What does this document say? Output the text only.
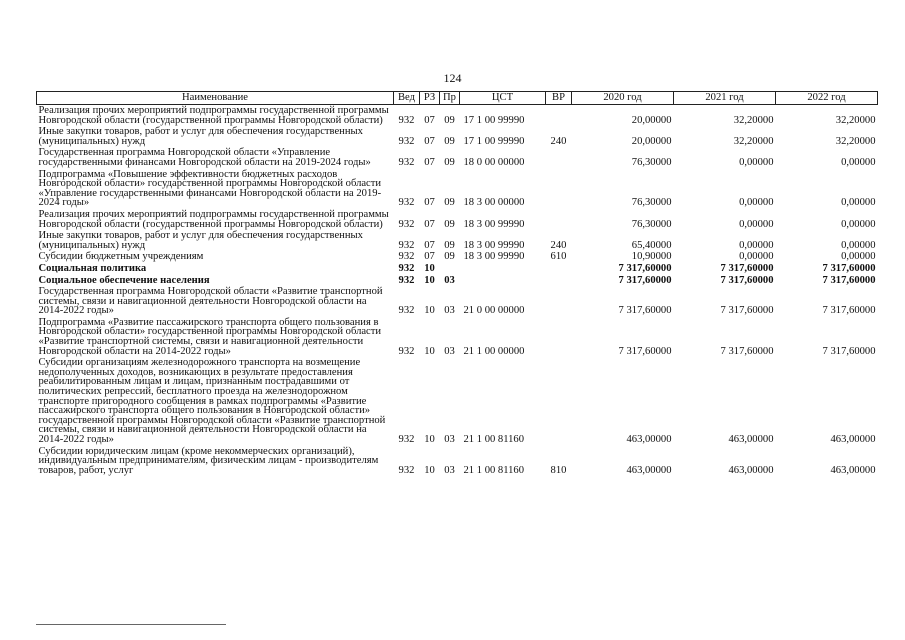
124
Наименование	Вед	РЗ	Пр	ЦСТ	ВР	2020 год	2021 год	2022 год
Реализация прочих мероприятий подпрограммы государственной программы Новгородской области (государственной программы Новгородской области)	932	07	09	17 1 00 99990		20,00000	32,20000	32,20000
Иные закупки товаров, работ и услуг для обеспечения государственных (муниципальных) нужд	932	07	09	17 1 00 99990	240	20,00000	32,20000	32,20000
Государственная программа Новгородской области «Управление государственными финансами Новгородской области на 2019-2024 годы»	932	07	09	18 0 00 00000		76,30000	0,00000	0,00000
Подпрограмма «Повышение эффективности бюджетных расходов Новгородской области» государственной программы Новгородской области «Управление государственными финансами Новгородской области на 2019-2024 годы»	932	07	09	18 3 00 00000		76,30000	0,00000	0,00000
Реализация прочих мероприятий подпрограммы государственной программы Новгородской области (государственной программы Новгородской области)	932	07	09	18 3 00 99990		76,30000	0,00000	0,00000
Иные закупки товаров, работ и услуг для обеспечения государственных (муниципальных) нужд	932	07	09	18 3 00 99990	240	65,40000	0,00000	0,00000
Субсидии бюджетным учреждениям	932	07	09	18 3 00 99990	610	10,90000	0,00000	0,00000
Социальная политика	932	10				7 317,60000	7 317,60000	7 317,60000
Социальное обеспечение населения	932	10	03			7 317,60000	7 317,60000	7 317,60000
Государственная программа Новгородской области «Развитие транспортной системы, связи и навигационной деятельности Новгородской области на 2014-2022 годы»	932	10	03	21 0 00 00000		7 317,60000	7 317,60000	7 317,60000
Подпрограмма «Развитие пассажирского транспорта общего пользования в Новгородской области» государственной программы Новгородской области «Развитие транспортной системы, связи и навигационной деятельности Новгородской области на 2014-2022 годы»	932	10	03	21 1 00 00000		7 317,60000	7 317,60000	7 317,60000
Субсидии организациям железнодорожного транспорта на возмещение недополученных доходов, возникающих в результате предоставления реабилитированным лицам и лицам, признанным пострадавшими от политических репрессий, бесплатного проезда на железнодорожном транспорте пригородного сообщения в рамках подпрограммы «Развитие пассажирского транспорта общего пользования в Новгородской области» государственной программы Новгородской области «Развитие транспортной системы, связи и навигационной деятельности Новгородской области на 2014-2022 годы»	932	10	03	21 1 00 81160		463,00000	463,00000	463,00000
Субсидии юридическим лицам (кроме некоммерческих организаций), индивидуальным предпринимателям, физическим лицам - производителям товаров, работ, услуг	932	10	03	21 1 00 81160	810	463,00000	463,00000	463,00000
